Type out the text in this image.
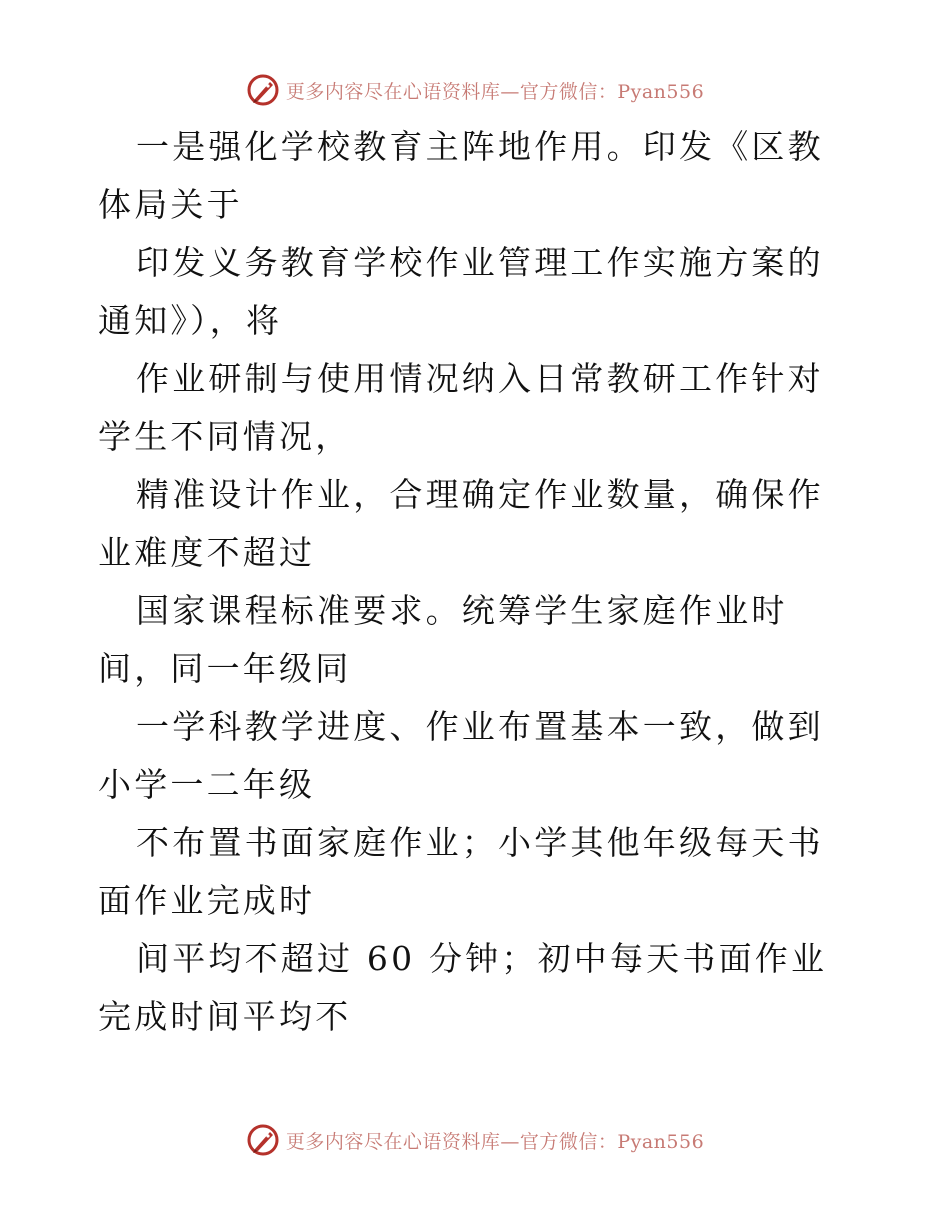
更多内容尽在心语资料库—官方微信：Pyan556

一是强化学校教育主阵地作用。印发《区教体局关于

印发义务教育学校作业管理工作实施方案的通知》），将

作业研制与使用情况纳入日常教研工作针对学生不同情况，

精准设计作业，合理确定作业数量，确保作业难度不超过

国家课程标准要求。统筹学生家庭作业时间，同一年级同

一学科教学进度、作业布置基本一致，做到小学一二年级

不布置书面家庭作业；小学其他年级每天书面作业完成时

间平均不超过 60 分钟；初中每天书面作业完成时间平均不

更多内容尽在心语资料库—官方微信：Pyan556
